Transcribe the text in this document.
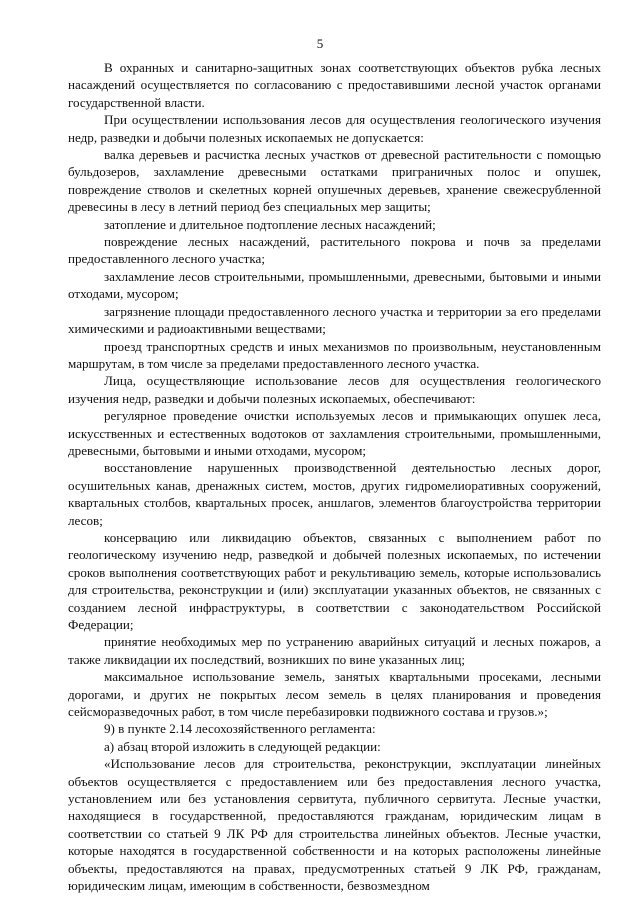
5

В охранных и санитарно-защитных зонах соответствующих объектов рубка лесных насаждений осуществляется по согласованию с предоставившими лесной участок органами государственной власти.

При осуществлении использования лесов для осуществления геологического изучения недр, разведки и добычи полезных ископаемых не допускается:

валка деревьев и расчистка лесных участков от древесной растительности с помощью бульдозеров, захламление древесными остатками приграничных полос и опушек, повреждение стволов и скелетных корней опушечных деревьев, хранение свежесрубленной древесины в лесу в летний период без специальных мер защиты;

затопление и длительное подтопление лесных насаждений;

повреждение лесных насаждений, растительного покрова и почв за пределами предоставленного лесного участка;

захламление лесов строительными, промышленными, древесными, бытовыми и иными отходами, мусором;

загрязнение площади предоставленного лесного участка и территории за его пределами химическими и радиоактивными веществами;

проезд транспортных средств и иных механизмов по произвольным, неустановленным маршрутам, в том числе за пределами предоставленного лесного участка.

Лица, осуществляющие использование лесов для осуществления геологического изучения недр, разведки и добычи полезных ископаемых, обеспечивают:

регулярное проведение очистки используемых лесов и примыкающих опушек леса, искусственных и естественных водотоков от захламления строительными, промышленными, древесными, бытовыми и иными отходами, мусором;

восстановление нарушенных производственной деятельностью лесных дорог, осушительных канав, дренажных систем, мостов, других гидромелиоративных сооружений, квартальных столбов, квартальных просек, аншлагов, элементов благоустройства территории лесов;

консервацию или ликвидацию объектов, связанных с выполнением работ по геологическому изучению недр, разведкой и добычей полезных ископаемых, по истечении сроков выполнения соответствующих работ и рекультивацию земель, которые использовались для строительства, реконструкции и (или) эксплуатации указанных объектов, не связанных с созданием лесной инфраструктуры, в соответствии с законодательством Российской Федерации;

принятие необходимых мер по устранению аварийных ситуаций и лесных пожаров, а также ликвидации их последствий, возникших по вине указанных лиц;

максимальное использование земель, занятых квартальными просеками, лесными дорогами, и других не покрытых лесом земель в целях планирования и проведения сейсморазведочных работ, в том числе перебазировки подвижного состава и грузов.»;

9) в пункте 2.14 лесохозяйственного регламента:

а) абзац второй изложить в следующей редакции:

«Использование лесов для строительства, реконструкции, эксплуатации линейных объектов осуществляется с предоставлением или без предоставления лесного участка, установлением или без установления сервитута, публичного сервитута. Лесные участки, находящиеся в государственной, предоставляются гражданам, юридическим лицам в соответствии со статьей 9 ЛК РФ для строительства линейных объектов. Лесные участки, которые находятся в государственной собственности и на которых расположены линейные объекты, предоставляются на правах, предусмотренных статьей 9 ЛК РФ, гражданам, юридическим лицам, имеющим в собственности, безвозмездном
